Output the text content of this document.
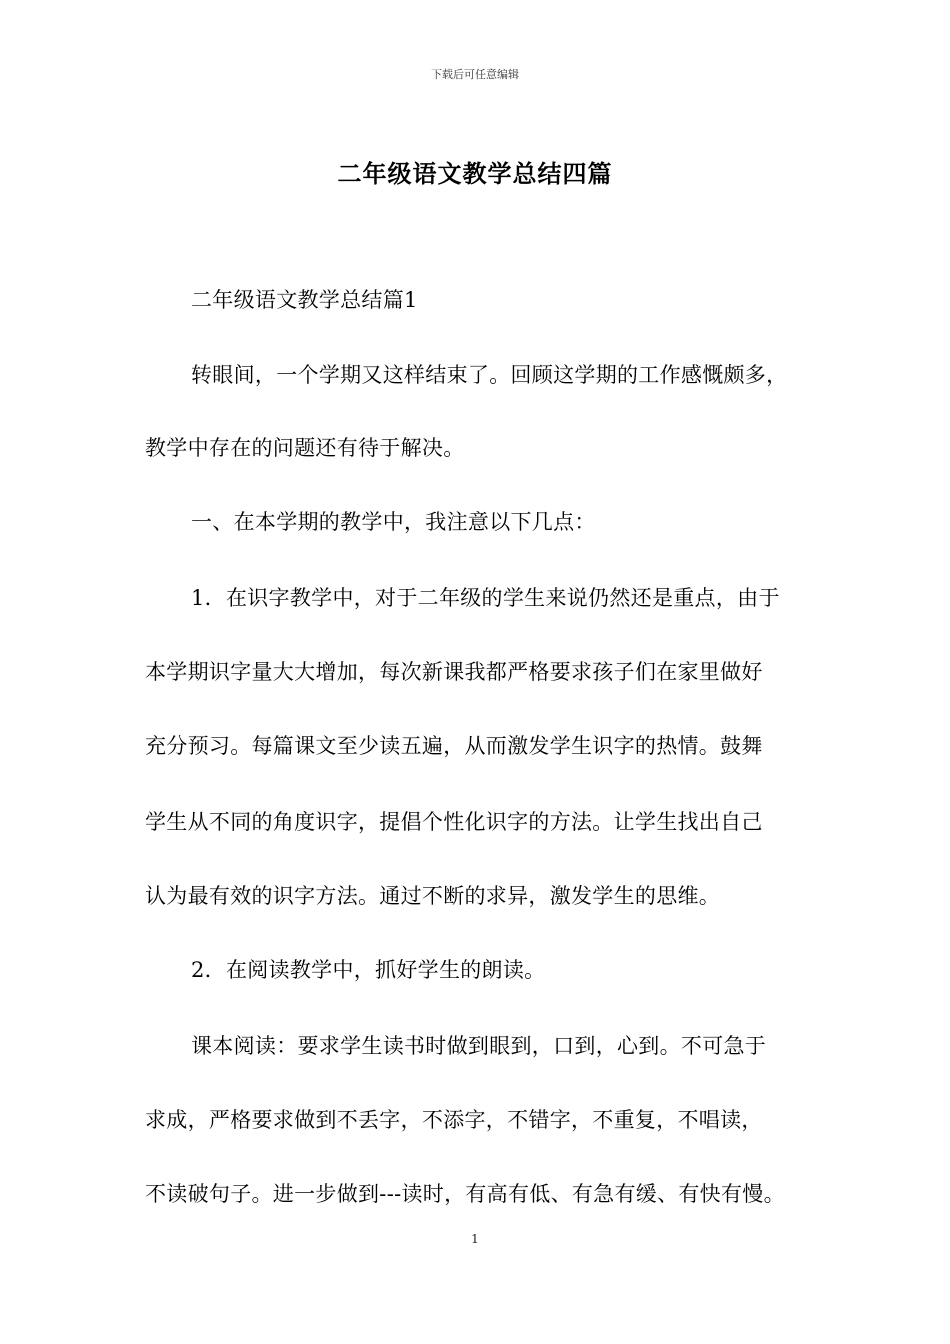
下载后可任意编辑
二年级语文教学总结四篇
二年级语文教学总结篇1
转眼间，一个学期又这样结束了。回顾这学期的工作感慨颇多，
教学中存在的问题还有待于解决。
一、在本学期的教学中，我注意以下几点：
1．在识字教学中，对于二年级的学生来说仍然还是重点，由于
本学期识字量大大增加，每次新课我都严格要求孩子们在家里做好
充分预习。每篇课文至少读五遍，从而激发学生识字的热情。鼓舞
学生从不同的角度识字，提倡个性化识字的方法。让学生找出自己
认为最有效的识字方法。通过不断的求异，激发学生的思维。
2．在阅读教学中，抓好学生的朗读。
课本阅读：要求学生读书时做到眼到，口到，心到。不可急于
求成，严格要求做到不丢字，不添字，不错字，不重复，不唱读，
不读破句子。进一步做到---读时，有高有低、有急有缓、有快有慢。
1
